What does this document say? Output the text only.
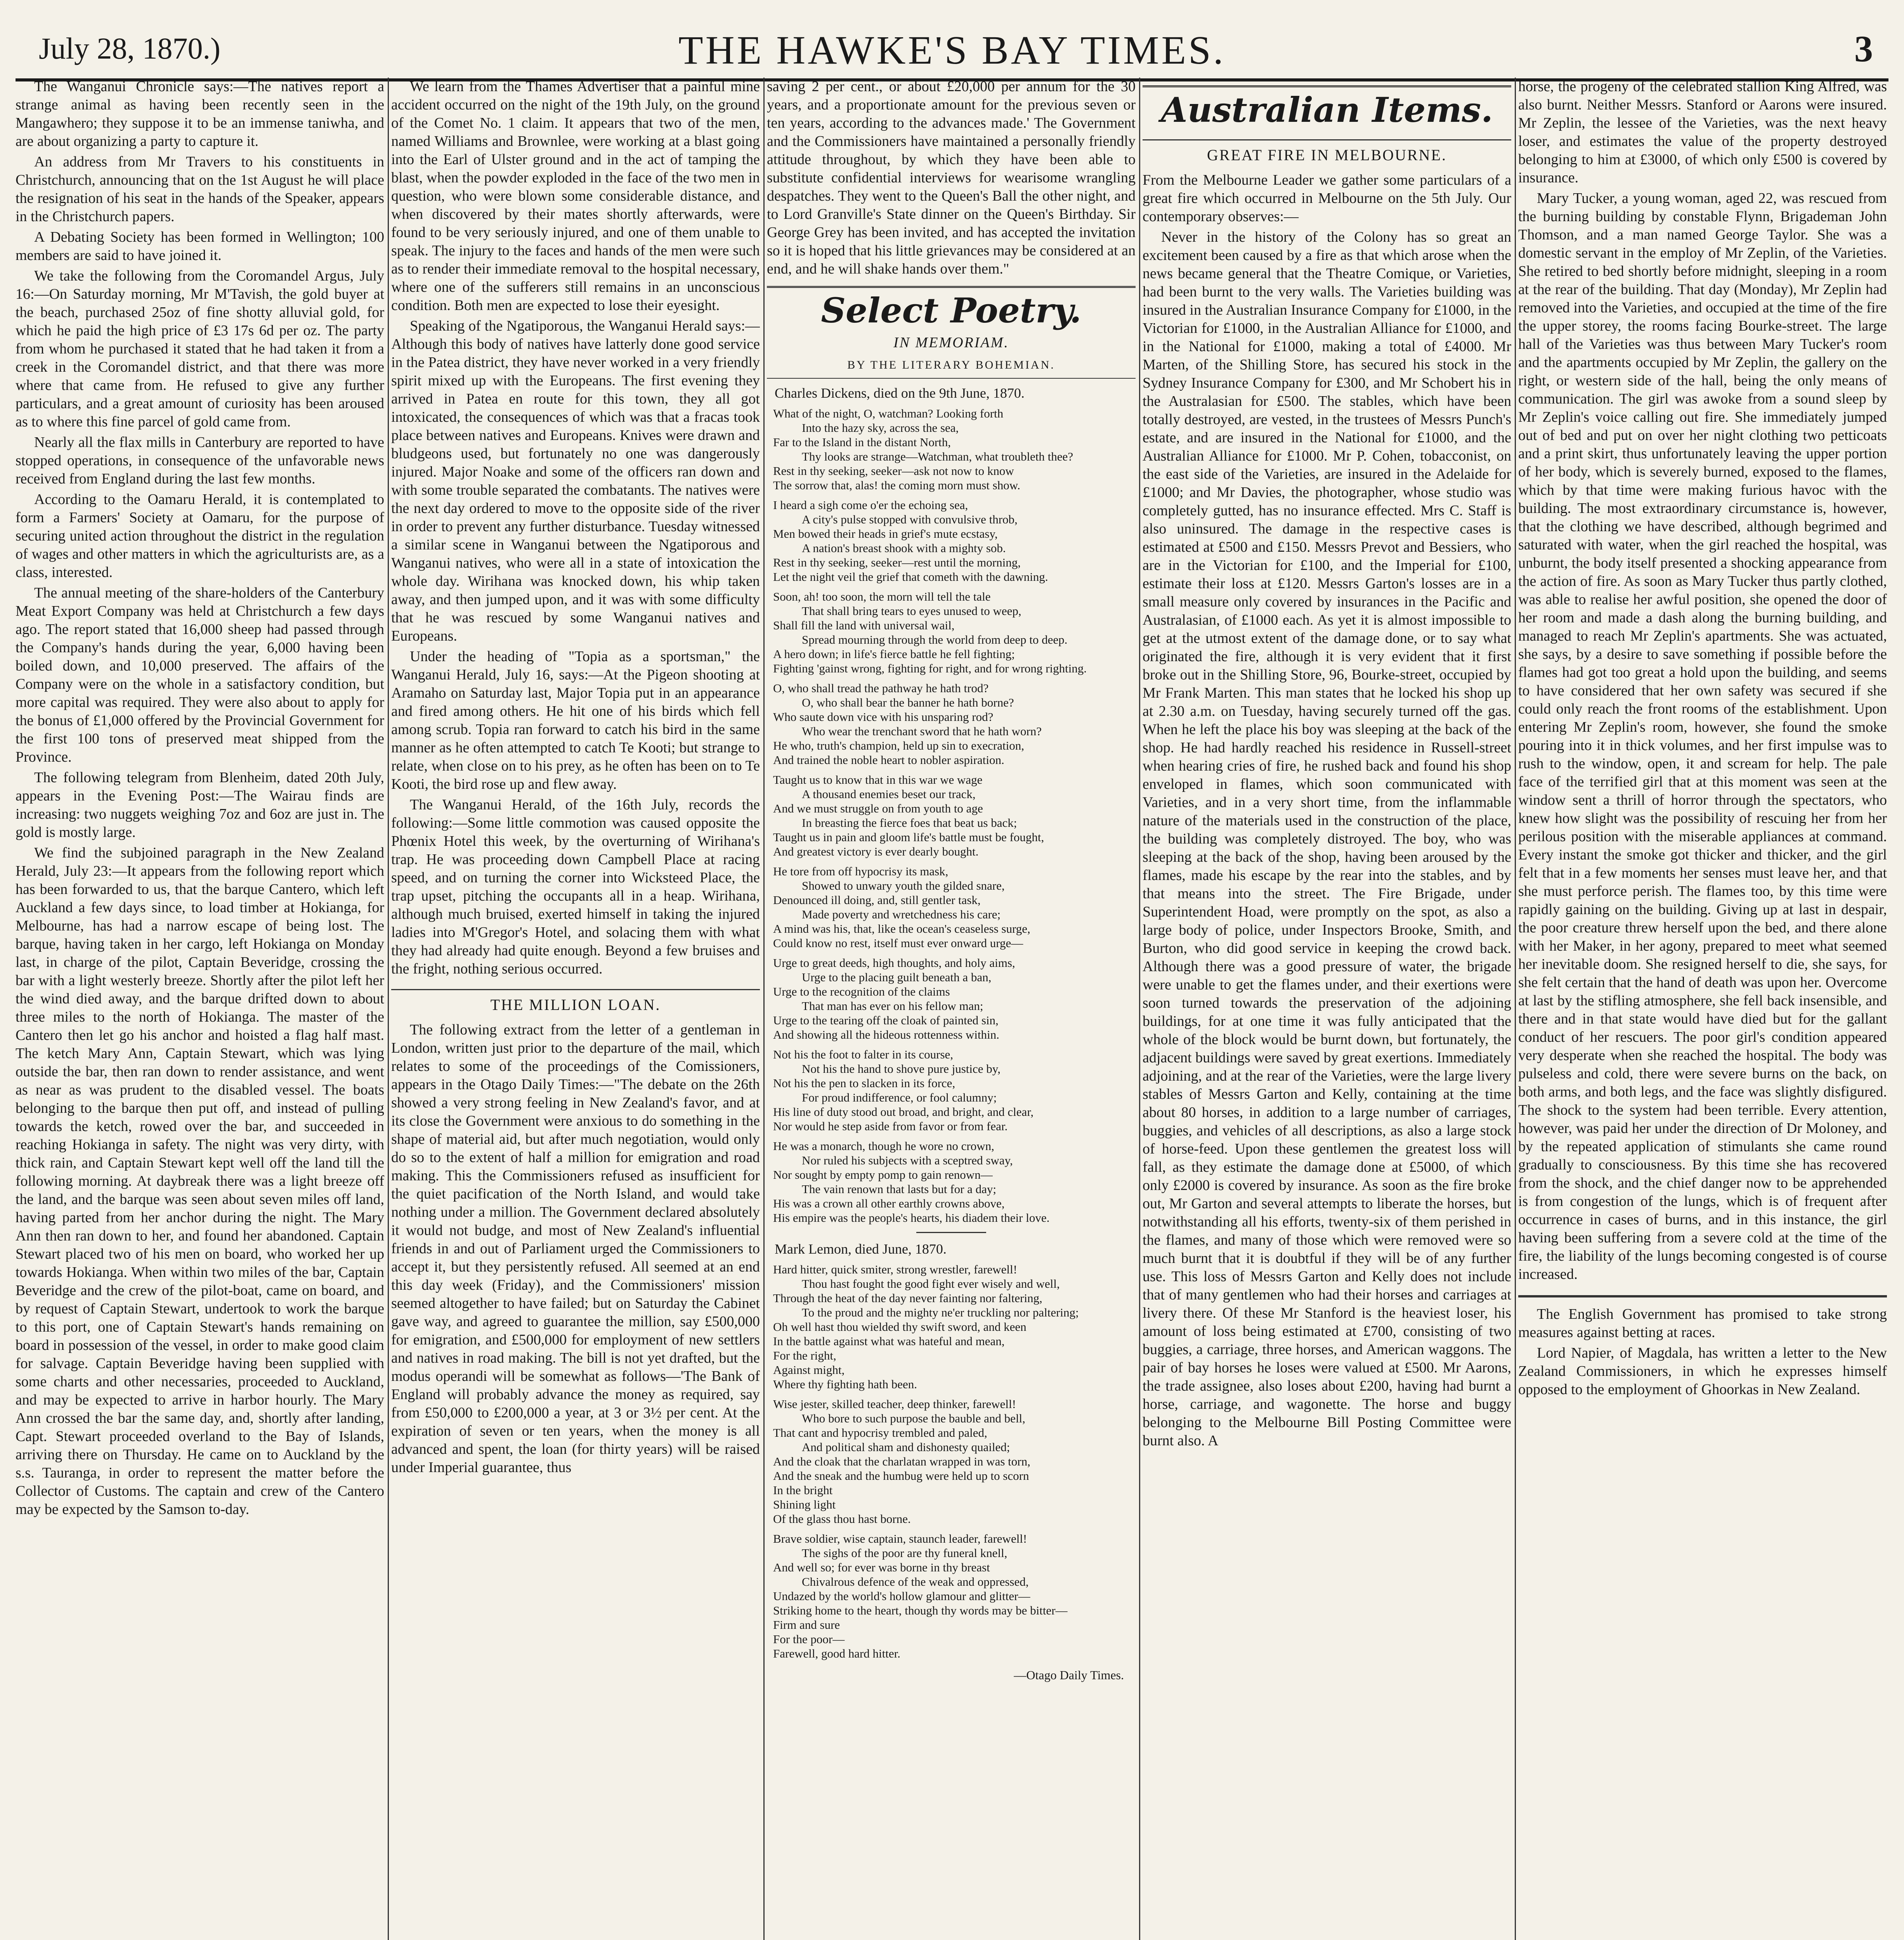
July 28, 1870.)	THE HAWKE'S BAY TIMES.	3

The Wanganui Chronicle says:—The natives report a strange animal as having been recently seen in the Mangawhero; they suppose it to be an immense taniwha, and are about organizing a party to capture it.

An address from Mr Travers to his constituents in Christchurch, announcing that on the 1st August he will place the resignation of his seat in the hands of the Speaker, appears in the Christchurch papers.

A Debating Society has been formed in Wellington; 100 members are said to have joined it.

We take the following from the Coromandel Argus, July 16:—On Saturday morning, Mr M'Tavish, the gold buyer at the beach, purchased 25oz of fine shotty alluvial gold, for which he paid the high price of £3 17s 6d per oz. The party from whom he purchased it stated that he had taken it from a creek in the Coromandel district, and that there was more where that came from. He refused to give any further particulars, and a great amount of curiosity has been aroused as to where this fine parcel of gold came from.

Nearly all the flax mills in Canterbury are reported to have stopped operations, in consequence of the unfavorable news received from England during the last few months.

According to the Oamaru Herald, it is contemplated to form a Farmers' Society at Oamaru, for the purpose of securing united action throughout the district in the regulation of wages and other matters in which the agriculturists are, as a class, interested.

The annual meeting of the share-holders of the Canterbury Meat Export Company was held at Christchurch a few days ago. The report stated that 16,000 sheep had passed through the Company's hands during the year, 6,000 having been boiled down, and 10,000 preserved. The affairs of the Company were on the whole in a satisfactory condition, but more capital was required. They were also about to apply for the bonus of £1,000 offered by the Provincial Government for the first 100 tons of preserved meat shipped from the Province.

The following telegram from Blenheim, dated 20th July, appears in the Evening Post:—The Wairau finds are increasing: two nuggets weighing 7oz and 6oz are just in. The gold is mostly large.

We find the subjoined paragraph in the New Zealand Herald, July 23:—It appears from the following report which has been forwarded to us, that the barque Cantero, which left Auckland a few days since, to load timber at Hokianga, for Melbourne, has had a narrow escape of being lost. The barque, having taken in her cargo, left Hokianga on Monday last, in charge of the pilot, Captain Beveridge, crossing the bar with a light westerly breeze. Shortly after the pilot left her the wind died away, and the barque drifted down to about three miles to the north of Hokianga. The master of the Cantero then let go his anchor and hoisted a flag half mast. The ketch Mary Ann, Captain Stewart, which was lying outside the bar, then ran down to render assistance, and went as near as was prudent to the disabled vessel. The boats belonging to the barque then put off, and instead of pulling towards the ketch, rowed over the bar, and succeeded in reaching Hokianga in safety. The night was very dirty, with thick rain, and Captain Stewart kept well off the land till the following morning. At daybreak there was a light breeze off the land, and the barque was seen about seven miles off land, having parted from her anchor during the night. The Mary Ann then ran down to her, and found her abandoned. Captain Stewart placed two of his men on board, who worked her up towards Hokianga. When within two miles of the bar, Captain Beveridge and the crew of the pilot-boat, came on board, and by request of Captain Stewart, undertook to work the barque to this port, one of Captain Stewart's hands remaining on board in possession of the vessel, in order to make good claim for salvage. Captain Beveridge having been supplied with some charts and other necessaries, proceeded to Auckland, and may be expected to arrive in harbor hourly. The Mary Ann crossed the bar the same day, and, shortly after landing, Capt. Stewart proceeded overland to the Bay of Islands, arriving there on Thursday. He came on to Auckland by the s.s. Tauranga, in order to represent the matter before the Collector of Customs. The captain and crew of the Cantero may be expected by the Samson to-day.

We learn from the Thames Advertiser that a painful mine accident occurred on the night of the 19th July, on the ground of the Comet No. 1 claim. It appears that two of the men, named Williams and Brownlee, were working at a blast going into the Earl of Ulster ground and in the act of tamping the blast, when the powder exploded in the face of the two men in question, who were blown some considerable distance, and when discovered by their mates shortly afterwards, were found to be very seriously injured, and one of them unable to speak. The injury to the faces and hands of the men were such as to render their immediate removal to the hospital necessary, where one of the sufferers still remains in an unconscious condition. Both men are expected to lose their eyesight.

Speaking of the Ngatiporous, the Wanganui Herald says:—Although this body of natives have latterly done good service in the Patea district, they have never worked in a very friendly spirit mixed up with the Europeans. The first evening they arrived in Patea en route for this town, they all got intoxicated, the consequences of which was that a fracas took place between natives and Europeans. Knives were drawn and bludgeons used, but fortunately no one was dangerously injured. Major Noake and some of the officers ran down and with some trouble separated the combatants. The natives were the next day ordered to move to the opposite side of the river in order to prevent any further disturbance. Tuesday witnessed a similar scene in Wanganui between the Ngatiporous and Wanganui natives, who were all in a state of intoxication the whole day. Wirihana was knocked down, his whip taken away, and then jumped upon, and it was with some difficulty that he was rescued by some Wanganui natives and Europeans.

Under the heading of "Topia as a sportsman," the Wanganui Herald, July 16, says:—At the Pigeon shooting at Aramaho on Saturday last, Major Topia put in an appearance and fired among others. He hit one of his birds which fell among scrub. Topia ran forward to catch his bird in the same manner as he often attempted to catch Te Kooti; but strange to relate, when close on to his prey, as he often has been on to Te Kooti, the bird rose up and flew away.

The Wanganui Herald, of the 16th July, records the following:—Some little commotion was caused opposite the Phœnix Hotel this week, by the overturning of Wirihana's trap. He was proceeding down Campbell Place at racing speed, and on turning the corner into Wicksteed Place, the trap upset, pitching the occupants all in a heap. Wirihana, although much bruised, exerted himself in taking the injured ladies into M'Gregor's Hotel, and solacing them with what they had already had quite enough. Beyond a few bruises and the fright, nothing serious occurred.

THE MILLION LOAN.

The following extract from the letter of a gentleman in London, written just prior to the departure of the mail, which relates to some of the proceedings of the Comissioners, appears in the Otago Daily Times:—"The debate on the 26th showed a very strong feeling in New Zealand's favor, and at its close the Government were anxious to do something in the shape of material aid, but after much negotiation, would only do so to the extent of half a million for emigration and road making. This the Commissioners refused as insufficient for the quiet pacification of the North Island, and would take nothing under a million. The Government declared absolutely it would not budge, and most of New Zealand's influential friends in and out of Parliament urged the Commissioners to accept it, but they persistently refused. All seemed at an end this day week (Friday), and the Commissioners' mission seemed altogether to have failed; but on Saturday the Cabinet gave way, and agreed to guarantee the million, say £500,000 for emigration, and £500,000 for employment of new settlers and natives in road making. The bill is not yet drafted, but the modus operandi will be somewhat as follows—'The Bank of England will probably advance the money as required, say from £50,000 to £200,000 a year, at 3 or 3½ per cent. At the expiration of seven or ten years, when the money is all advanced and spent, the loan (for thirty years) will be raised under Imperial guarantee, thus

saving 2 per cent., or about £20,000 per annum for the 30 years, and a proportionate amount for the previous seven or ten years, according to the advances made.' The Government and the Commissioners have maintained a personally friendly attitude throughout, by which they have been able to substitute confidential interviews for wearisome wrangling despatches. They went to the Queen's Ball the other night, and to Lord Granville's State dinner on the Queen's Birthday. Sir George Grey has been invited, and has accepted the invitation so it is hoped that his little grievances may be considered at an end, and he will shake hands over them."

Select Poetry.
IN MEMORIAM.
BY THE LITERARY BOHEMIAN.
Charles Dickens, died on the 9th June, 1870.
What of the night, O, watchman? Looking forth
Into the hazy sky, across the sea,
Far to the Island in the distant North,
Thy looks are strange—Watchman, what troubleth thee?
Rest in thy seeking, seeker—ask not now to know
The sorrow that, alas! the coming morn must show.
I heard a sigh come o'er the echoing sea,
A city's pulse stopped with convulsive throb,
Men bowed their heads in grief's mute ecstasy,
A nation's breast shook with a mighty sob.
Rest in thy seeking, seeker—rest until the morning,
Let the night veil the grief that cometh with the dawning.
Soon, ah! too soon, the morn will tell the tale
That shall bring tears to eyes unused to weep,
Shall fill the land with universal wail,
Spread mourning through the world from deep to deep.
A hero down; in life's fierce battle he fell fighting;
Fighting 'gainst wrong, fighting for right, and for wrong righting.
O, who shall tread the pathway he hath trod?
O, who shall bear the banner he hath borne?
Who saute down vice with his unsparing rod?
Who wear the trenchant sword that he hath worn?
He who, truth's champion, held up sin to execration,
And trained the noble heart to nobler aspiration.
Taught us to know that in this war we wage
A thousand enemies beset our track,
And we must struggle on from youth to age
In breasting the fierce foes that beat us back;
Taught us in pain and gloom life's battle must be fought,
And greatest victory is ever dearly bought.
He tore from off hypocrisy its mask,
Showed to unwary youth the gilded snare,
Denounced ill doing, and, still gentler task,
Made poverty and wretchedness his care;
A mind was his, that, like the ocean's ceaseless surge,
Could know no rest, itself must ever onward urge—
Urge to great deeds, high thoughts, and holy aims,
Urge to the placing guilt beneath a ban,
Urge to the recognition of the claims
That man has ever on his fellow man;
Urge to the tearing off the cloak of painted sin,
And showing all the hideous rottenness within.
Not his the foot to falter in its course,
Not his the hand to shove pure justice by,
Not his the pen to slacken in its force,
For proud indifference, or fool calumny;
His line of duty stood out broad, and bright, and clear,
Nor would he step aside from favor or from fear.
He was a monarch, though he wore no crown,
Nor ruled his subjects with a sceptred sway,
Nor sought by empty pomp to gain renown—
The vain renown that lasts but for a day;
His was a crown all other earthly crowns above,
His empire was the people's hearts, his diadem their love.
Mark Lemon, died June, 1870.
Hard hitter, quick smiter, strong wrestler, farewell!
Thou hast fought the good fight ever wisely and well,
Through the heat of the day never fainting nor faltering,
To the proud and the mighty ne'er truckling nor paltering;
Oh well hast thou wielded thy swift sword, and keen
In the battle against what was hateful and mean,
For the right,
Against might,
Where thy fighting hath been.
Wise jester, skilled teacher, deep thinker, farewell!
Who bore to such purpose the bauble and bell,
That cant and hypocrisy trembled and paled,
And political sham and dishonesty quailed;
And the cloak that the charlatan wrapped in was torn,
And the sneak and the humbug were held up to scorn
In the bright
Shining light
Of the glass thou hast borne.
Brave soldier, wise captain, staunch leader, farewell!
The sighs of the poor are thy funeral knell,
And well so; for ever was borne in thy breast
Chivalrous defence of the weak and oppressed,
Undazed by the world's hollow glamour and glitter—
Striking home to the heart, though thy words may be bitter—
Firm and sure
For the poor—
Farewell, good hard hitter.
—Otago Daily Times.
Australian Items.
GREAT FIRE IN MELBOURNE.

From the Melbourne Leader we gather some particulars of a great fire which occurred in Melbourne on the 5th July. Our contemporary observes:—

Never in the history of the Colony has so great an excitement been caused by a fire as that which arose when the news became general that the Theatre Comique, or Varieties, had been burnt to the very walls. The Varieties building was insured in the Australian Insurance Company for £1000, in the Victorian for £1000, in the Australian Alliance for £1000, and in the National for £1000, making a total of £4000. Mr Marten, of the Shilling Store, has secured his stock in the Sydney Insurance Company for £300, and Mr Schobert his in the Australasian for £500. The stables, which have been totally destroyed, are vested, in the trustees of Messrs Punch's estate, and are insured in the National for £1000, and the Australian Alliance for £1000. Mr P. Cohen, tobacconist, on the east side of the Varieties, are insured in the Adelaide for £1000; and Mr Davies, the photographer, whose studio was completely gutted, has no insurance effected. Mrs C. Staff is also uninsured. The damage in the respective cases is estimated at £500 and £150. Messrs Prevot and Bessiers, who are in the Victorian for £100, and the Imperial for £100, estimate their loss at £120. Messrs Garton's losses are in a small measure only covered by insurances in the Pacific and Australasian, of £1000 each. As yet it is almost impossible to get at the utmost extent of the damage done, or to say what originated the fire, although it is very evident that it first broke out in the Shilling Store, 96, Bourke-street, occupied by Mr Frank Marten. This man states that he locked his shop up at 2.30 a.m. on Tuesday, having securely turned off the gas. When he left the place his boy was sleeping at the back of the shop. He had hardly reached his residence in Russell-street when hearing cries of fire, he rushed back and found his shop enveloped in flames, which soon communicated with Varieties, and in a very short time, from the inflammable nature of the materials used in the construction of the place, the building was completely distroyed. The boy, who was sleeping at the back of the shop, having been aroused by the flames, made his escape by the rear into the stables, and by that means into the street. The Fire Brigade, under Superintendent Hoad, were promptly on the spot, as also a large body of police, under Inspectors Brooke, Smith, and Burton, who did good service in keeping the crowd back. Although there was a good pressure of water, the brigade were unable to get the flames under, and their exertions were soon turned towards the preservation of the adjoining buildings, for at one time it was fully anticipated that the whole of the block would be burnt down, but fortunately, the adjacent buildings were saved by great exertions. Immediately adjoining, and at the rear of the Varieties, were the large livery stables of Messrs Garton and Kelly, containing at the time about 80 horses, in addition to a large number of carriages, buggies, and vehicles of all descriptions, as also a large stock of horse-feed. Upon these gentlemen the greatest loss will fall, as they estimate the damage done at £5000, of which only £2000 is covered by insurance. As soon as the fire broke out, Mr Garton and several attempts to liberate the horses, but notwithstanding all his efforts, twenty-six of them perished in the flames, and many of those which were removed were so much burnt that it is doubtful if they will be of any further use. This loss of Messrs Garton and Kelly does not include that of many gentlemen who had their horses and carriages at livery there. Of these Mr Stanford is the heaviest loser, his amount of loss being estimated at £700, consisting of two buggies, a carriage, three horses, and American waggons. The pair of bay horses he loses were valued at £500. Mr Aarons, the trade assignee, also loses about £200, having had burnt a horse, carriage, and wagonette. The horse and buggy belonging to the Melbourne Bill Posting Committee were burnt also. A

horse, the progeny of the celebrated stallion King Alfred, was also burnt. Neither Messrs. Stanford or Aarons were insured. Mr Zeplin, the lessee of the Varieties, was the next heavy loser, and estimates the value of the property destroyed belonging to him at £3000, of which only £500 is covered by insurance.

Mary Tucker, a young woman, aged 22, was rescued from the burning building by constable Flynn, Brigademan John Thomson, and a man named George Taylor. She was a domestic servant in the employ of Mr Zeplin, of the Varieties. She retired to bed shortly before midnight, sleeping in a room at the rear of the building. That day (Monday), Mr Zeplin had removed into the Varieties, and occupied at the time of the fire the upper storey, the rooms facing Bourke-street. The large hall of the Varieties was thus between Mary Tucker's room and the apartments occupied by Mr Zeplin, the gallery on the right, or western side of the hall, being the only means of communication. The girl was awoke from a sound sleep by Mr Zeplin's voice calling out fire. She immediately jumped out of bed and put on over her night clothing two petticoats and a print skirt, thus unfortunately leaving the upper portion of her body, which is severely burned, exposed to the flames, which by that time were making furious havoc with the building. The most extraordinary circumstance is, however, that the clothing we have described, although begrimed and saturated with water, when the girl reached the hospital, was unburnt, the body itself presented a shocking appearance from the action of fire. As soon as Mary Tucker thus partly clothed, was able to realise her awful position, she opened the door of her room and made a dash along the burning building, and managed to reach Mr Zeplin's apartments. She was actuated, she says, by a desire to save something if possible before the flames had got too great a hold upon the building, and seems to have considered that her own safety was secured if she could only reach the front rooms of the establishment. Upon entering Mr Zeplin's room, however, she found the smoke pouring into it in thick volumes, and her first impulse was to rush to the window, open, it and scream for help. The pale face of the terrified girl that at this moment was seen at the window sent a thrill of horror through the spectators, who knew how slight was the possibility of rescuing her from her perilous position with the miserable appliances at command. Every instant the smoke got thicker and thicker, and the girl felt that in a few moments her senses must leave her, and that she must perforce perish. The flames too, by this time were rapidly gaining on the building. Giving up at last in despair, the poor creature threw herself upon the bed, and there alone with her Maker, in her agony, prepared to meet what seemed her inevitable doom. She resigned herself to die, she says, for she felt certain that the hand of death was upon her. Overcome at last by the stifling atmosphere, she fell back insensible, and there and in that state would have died but for the gallant conduct of her rescuers. The poor girl's condition appeared very desperate when she reached the hospital. The body was pulseless and cold, there were severe burns on the back, on both arms, and both legs, and the face was slightly disfigured. The shock to the system had been terrible. Every attention, however, was paid her under the direction of Dr Moloney, and by the repeated application of stimulants she came round gradually to consciousness. By this time she has recovered from the shock, and the chief danger now to be apprehended is from congestion of the lungs, which is of frequent after occurrence in cases of burns, and in this instance, the girl having been suffering from a severe cold at the time of the fire, the liability of the lungs becoming congested is of course increased.

The English Government has promised to take strong measures against betting at races.

Lord Napier, of Magdala, has written a letter to the New Zealand Commissioners, in which he expresses himself opposed to the employment of Ghoorkas in New Zealand.
